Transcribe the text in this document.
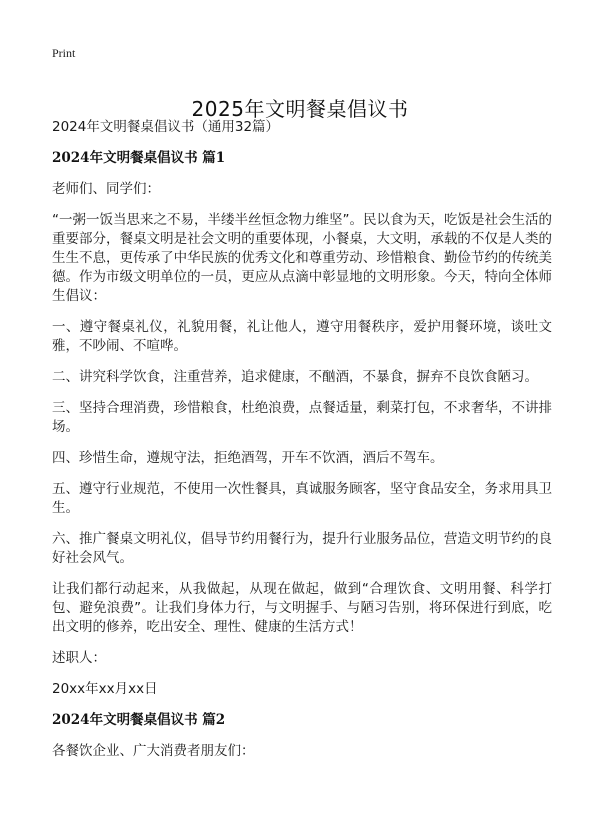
Print
2025年文明餐桌倡议书

2024年文明餐桌倡议书（通用32篇）

2024年文明餐桌倡议书 篇1

老师们、同学们：

“一粥一饭当思来之不易，半缕半丝恒念物力维坚”。民以食为天，吃饭是社会生活的重要部分，餐桌文明是社会文明的重要体现，小餐桌，大文明，承载的不仅是人类的生生不息，更传承了中华民族的优秀文化和尊重劳动、珍惜粮食、勤俭节约的传统美德。作为市级文明单位的一员，更应从点滴中彰显地的文明形象。今天，特向全体师生倡议：

一、遵守餐桌礼仪，礼貌用餐，礼让他人，遵守用餐秩序，爱护用餐环境，谈吐文雅，不吵闹、不喧哗。

二、讲究科学饮食，注重营养，追求健康，不酗酒，不暴食，摒弃不良饮食陋习。

三、坚持合理消费，珍惜粮食，杜绝浪费，点餐适量，剩菜打包，不求奢华，不讲排场。

四、珍惜生命，遵规守法，拒绝酒驾，开车不饮酒，酒后不驾车。

五、遵守行业规范，不使用一次性餐具，真诚服务顾客，坚守食品安全，务求用具卫生。

六、推广餐桌文明礼仪，倡导节约用餐行为，提升行业服务品位，营造文明节约的良好社会风气。

让我们都行动起来，从我做起，从现在做起，做到“合理饮食、文明用餐、科学打包、避免浪费”。让我们身体力行，与文明握手、与陋习告别，将环保进行到底，吃出文明的修养，吃出安全、理性、健康的生活方式！

述职人：

20xx年xx月xx日

2024年文明餐桌倡议书 篇2

各餐饮企业、广大消费者朋友们：
